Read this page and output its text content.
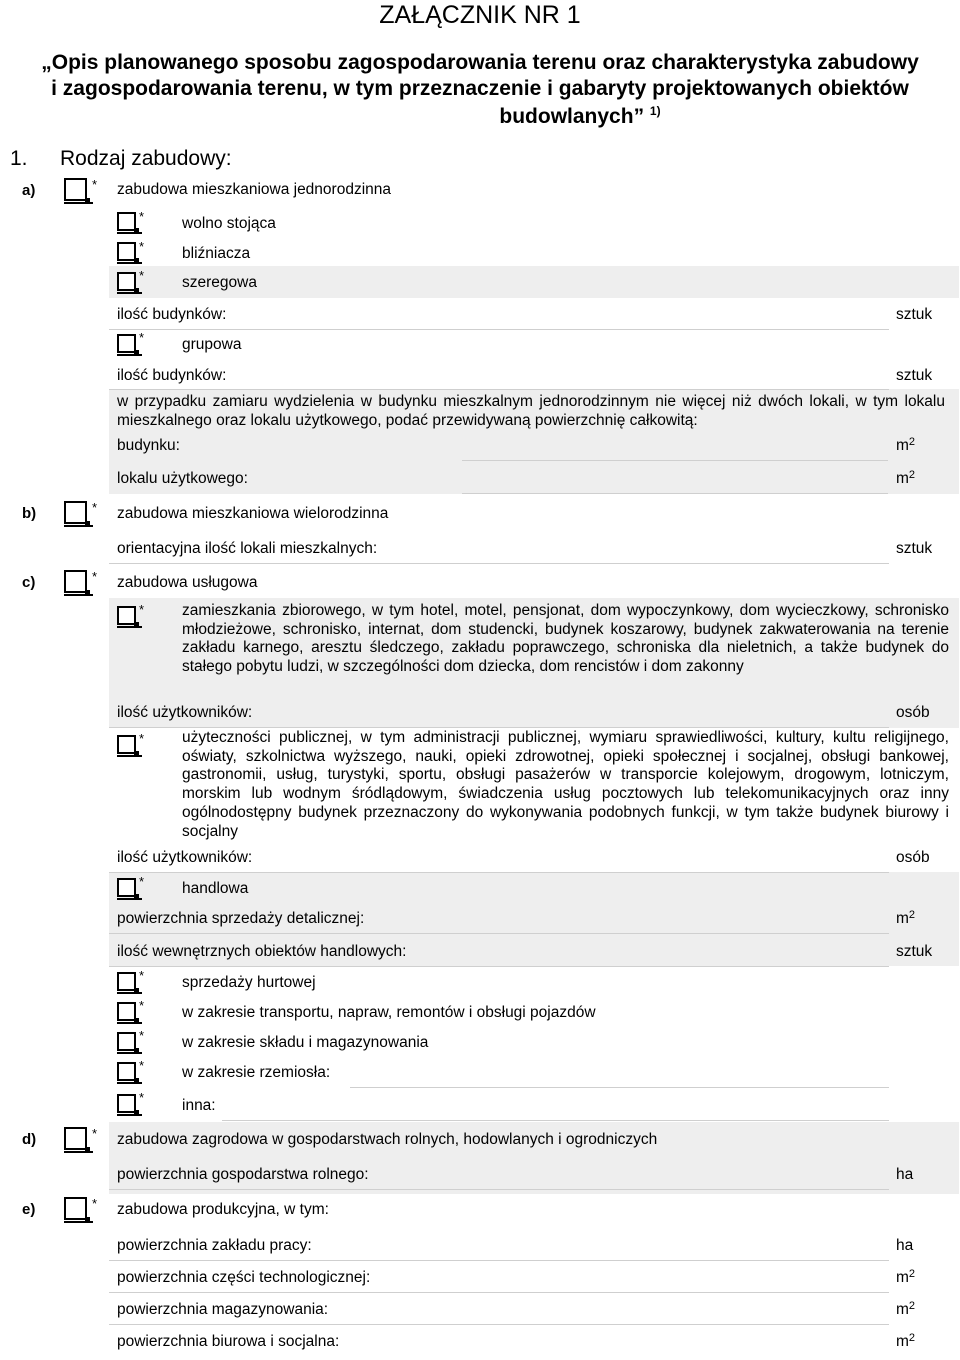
ZAŁĄCZNIK NR 1
„Opis planowanego sposobu zagospodarowania terenu oraz charakterystyka zabudowy
i zagospodarowania terenu, w tym przeznaczenie i gabaryty projektowanych obiektów
budowlanych” $^{1)}$
1. Rodzaj zabudowy:
a)	* zabudowa mieszkaniowa jednorodzinna
* wolno stojąca
* bliźniacza
* szeregowa
ilość budynków:	sztuk
* grupowa
ilość budynków:	sztuk
w przypadku zamiaru wydzielenia w budynku mieszkalnym jednorodzinnym nie więcej niż dwóch lokali, w tym lokalu mieszkalnego oraz lokalu użytkowego, podać przewidywaną powierzchnię całkowitą:
budynku:	$m^2$
lokalu użytkowego:	$m^2$
b)	* zabudowa mieszkaniowa wielorodzinna
orientacyjna ilość lokali mieszkalnych:	sztuk
c)	* zabudowa usługowa
* zamieszkania zbiorowego, w tym hotel, motel, pensjonat, dom wypoczynkowy, dom wycieczkowy, schronisko młodzieżowe, schronisko, internat, dom studencki, budynek koszarowy, budynek zakwaterowania na terenie zakładu karnego, aresztu śledczego, zakładu poprawczego, schroniska dla nieletnich, a także budynek do stałego pobytu ludzi, w szczególności dom dziecka, dom rencistów i dom zakonny
ilość użytkowników:	osób
* użyteczności publicznej, w tym administracji publicznej, wymiaru sprawiedliwości, kultury, kultu religijnego, oświaty, szkolnictwa wyższego, nauki, opieki zdrowotnej, opieki społecznej i socjalnej, obsługi bankowej, gastronomii, usług, turystyki, sportu, obsługi pasażerów w transporcie kolejowym, drogowym, lotniczym, morskim lub wodnym śródlądowym, świadczenia usług pocztowych lub telekomunikacyjnych oraz inny ogólnodostępny budynek przeznaczony do wykonywania podobnych funkcji, w tym także budynek biurowy i socjalny
ilość użytkowników:	osób
* handlowa
powierzchnia sprzedaży detalicznej:	$m^2$
ilość wewnętrznych obiektów handlowych:	sztuk
* sprzedaży hurtowej
* w zakresie transportu, napraw, remontów i obsługi pojazdów
* w zakresie składu i magazynowania
* w zakresie rzemiosła:
* inna:
d)	* zabudowa zagrodowa w gospodarstwach rolnych, hodowlanych i ogrodniczych
powierzchnia gospodarstwa rolnego:	ha
e)	* zabudowa produkcyjna, w tym:
powierzchnia zakładu pracy:	ha
powierzchnia części technologicznej:	$m^2$
powierzchnia magazynowania:	$m^2$
powierzchnia biurowa i socjalna:	$m^2$
